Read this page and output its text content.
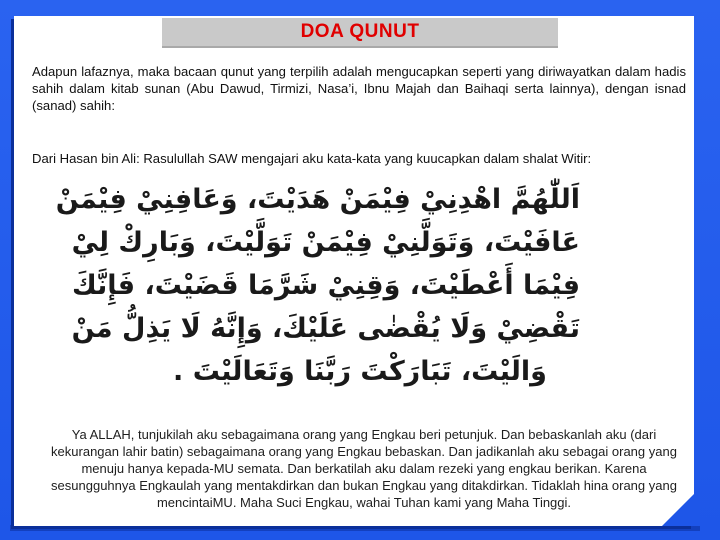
DOA QUNUT
Adapun lafaznya, maka bacaan qunut yang terpilih adalah mengucapkan seperti yang diriwayatkan dalam hadis sahih dalam kitab sunan (Abu Dawud, Tirmizi, Nasa’i, Ibnu Majah dan Baihaqi serta lainnya), dengan isnad (sanad) sahih:
Dari Hasan bin Ali: Rasulullah SAW mengajari aku kata-kata yang kuucapkan dalam shalat Witir:
اَللّٰهُمَّ اهْدِنِيْ فِيْمَنْ هَدَيْتَ، وَعَافِنِيْ فِيْمَنْ
عَافَيْتَ، وَتَوَلَّنِيْ فِيْمَنْ تَوَلَّيْتَ، وَبَارِكْ لِيْ
فِيْمَا أَعْطَيْتَ، وَقِنِيْ شَرَّمَا قَضَيْتَ، فَإِنَّكَ
تَقْضِيْ وَلَا يُقْضٰى عَلَيْكَ، وَإِنَّهُ لَا يَذِلُّ مَنْ
وَالَيْتَ، تَبَارَكْتَ رَبَّنَا وَتَعَالَيْتَ .
Ya ALLAH, tunjukilah aku sebagaimana orang yang Engkau beri petunjuk. Dan bebaskanlah aku (dari kekurangan lahir batin) sebagaimana orang yang Engkau bebaskan. Dan jadikanlah aku sebagai orang yang menuju hanya kepada-MU semata. Dan berkatilah aku dalam rezeki yang engkau berikan. Karena sesungguhnya Engkaulah yang mentakdirkan dan bukan Engkau yang ditakdirkan. Tidaklah hina orang yang mencintaiMU. Maha Suci Engkau, wahai Tuhan kami yang Maha Tinggi.
